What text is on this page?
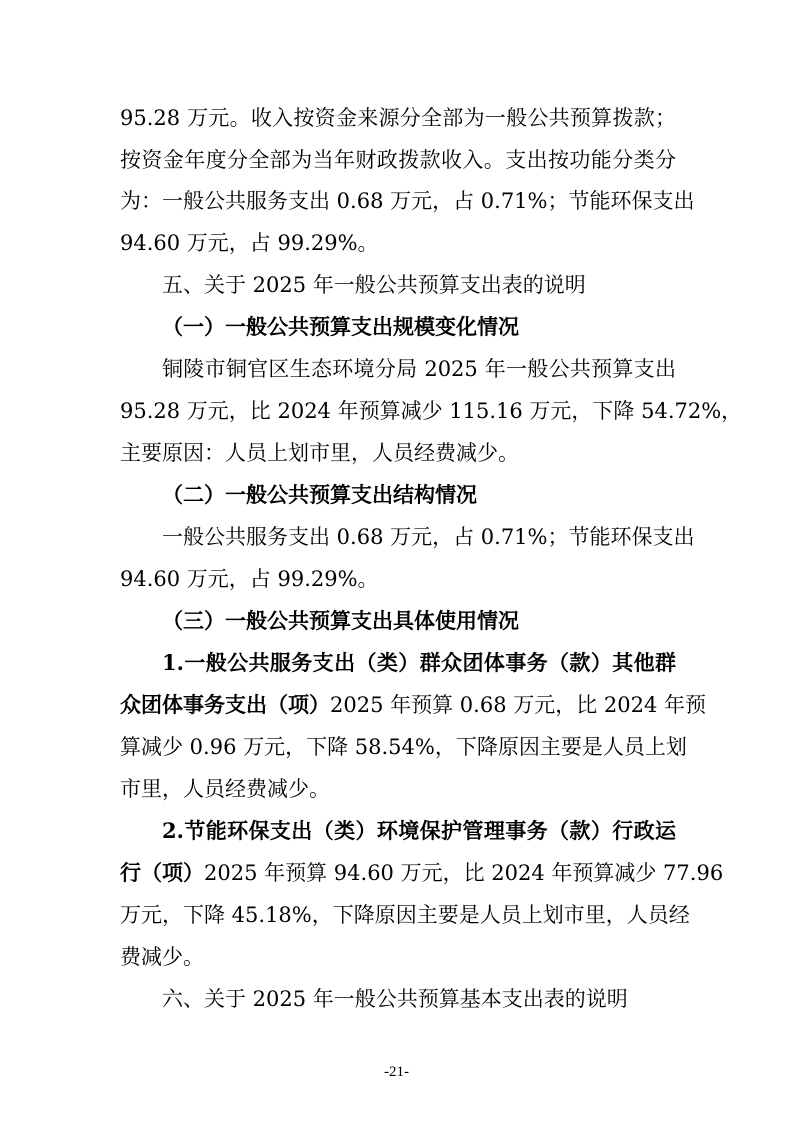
95.28 万元。收入按资金来源分全部为一般公共预算拨款；
按资金年度分全部为当年财政拨款收入。支出按功能分类分
为：一般公共服务支出 0.68 万元，占 0.71%；节能环保支出
94.60 万元，占 99.29%。
五、关于 2025 年一般公共预算支出表的说明
（一）一般公共预算支出规模变化情况
铜陵市铜官区生态环境分局 2025 年一般公共预算支出
95.28 万元，比 2024 年预算减少 115.16 万元，下降 54.72%，
主要原因：人员上划市里，人员经费减少。
（二）一般公共预算支出结构情况
一般公共服务支出 0.68 万元，占 0.71%；节能环保支出
94.60 万元，占 99.29%。
（三）一般公共预算支出具体使用情况
1.一般公共服务支出（类）群众团体事务（款）其他群
众团体事务支出（项）2025 年预算 0.68 万元，比 2024 年预
算减少 0.96 万元，下降 58.54%，下降原因主要是人员上划
市里，人员经费减少。
2.节能环保支出（类）环境保护管理事务（款）行政运
行（项）2025 年预算 94.60 万元，比 2024 年预算减少 77.96
万元，下降 45.18%，下降原因主要是人员上划市里，人员经
费减少。
六、关于 2025 年一般公共预算基本支出表的说明
-21-
